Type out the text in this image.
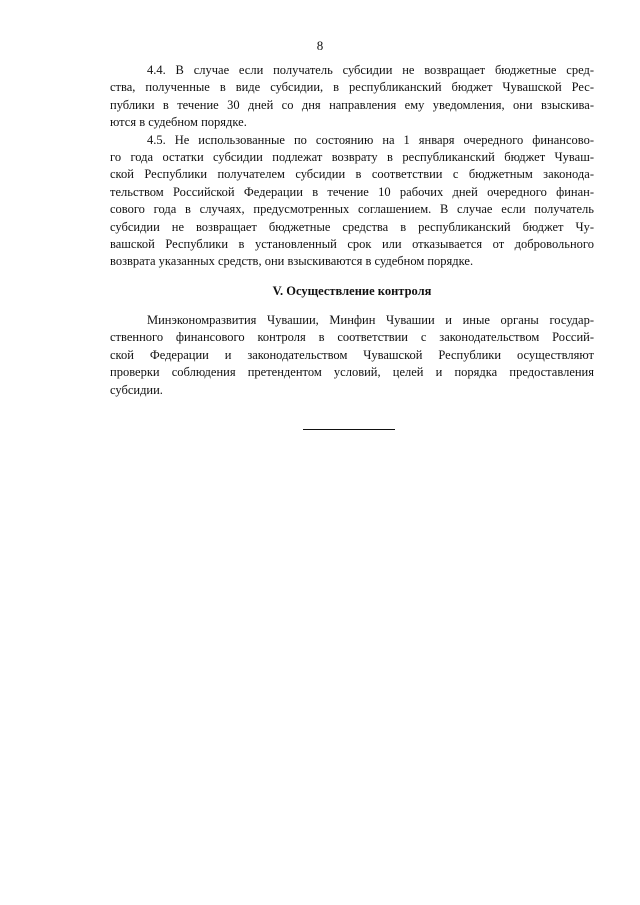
8
4.4. В случае если получатель субсидии не возвращает бюджетные сред-
ства, полученные в виде субсидии, в республиканский бюджет Чувашской Рес-
публики в течение 30 дней со дня направления ему уведомления, они взыскива-
ются в судебном порядке.
4.5. Не использованные по состоянию на 1 января очередного финансово-
го года остатки субсидии подлежат возврату в республиканский бюджет Чуваш-
ской Республики получателем субсидии в соответствии с бюджетным законода-
тельством Российской Федерации в течение 10 рабочих дней очередного финан-
сового года в случаях, предусмотренных соглашением. В случае если получатель
субсидии не возвращает бюджетные средства в республиканский бюджет Чу-
вашской Республики в установленный срок или отказывается от добровольного
возврата указанных средств, они взыскиваются в судебном порядке.
V. Осуществление контроля
Минэкономразвития Чувашии, Минфин Чувашии и иные органы государ-
ственного финансового контроля в соответствии с законодательством Россий-
ской Федерации и законодательством Чувашской Республики осуществляют
проверки соблюдения претендентом условий, целей и порядка предоставления
субсидии.
